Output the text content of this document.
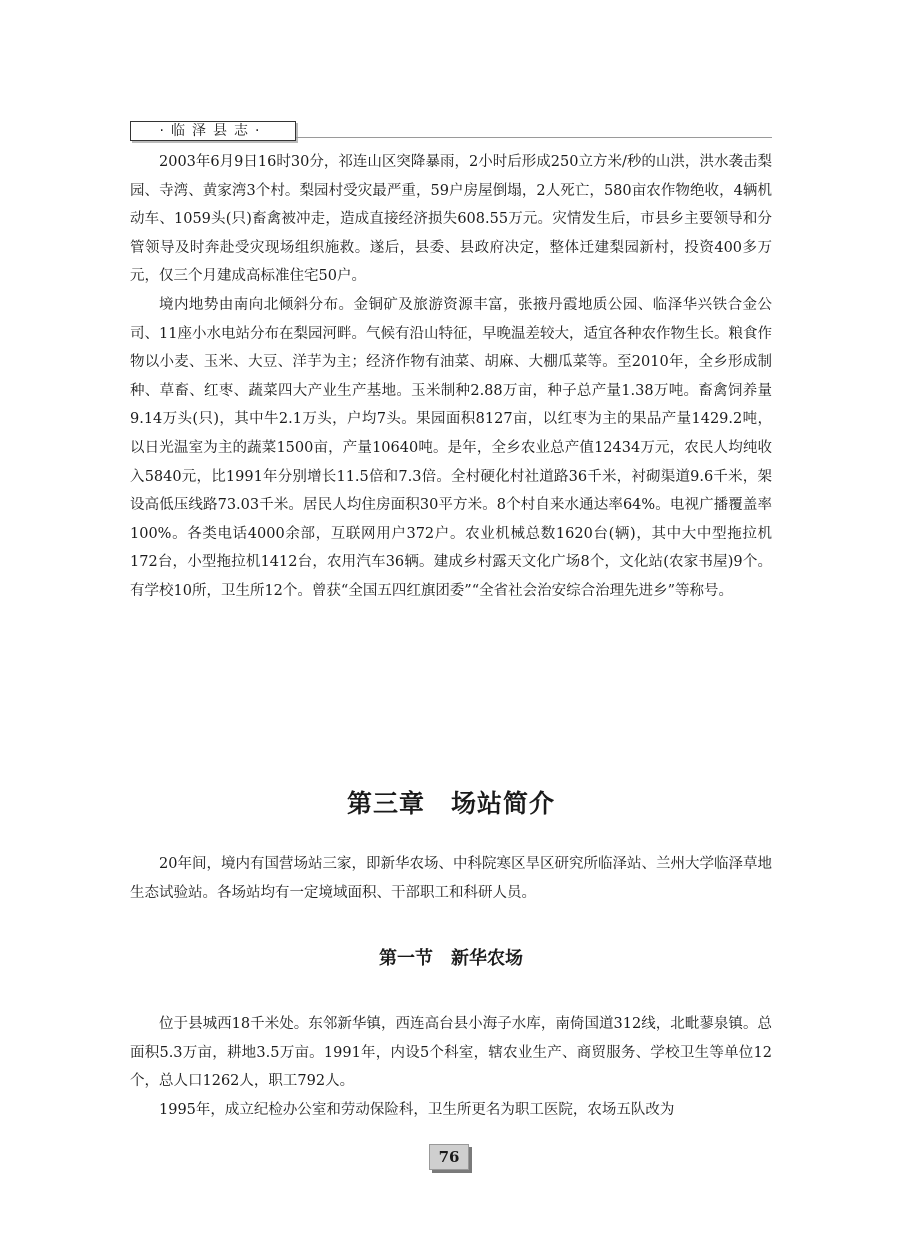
·临泽县志·

2003年6月9日16时30分，祁连山区突降暴雨，2小时后形成250立方米/秒的山洪，洪水袭击梨园、寺湾、黄家湾3个村。梨园村受灾最严重，59户房屋倒塌，2人死亡，580亩农作物绝收，4辆机动车、1059头(只)畜禽被冲走，造成直接经济损失608.55万元。灾情发生后，市县乡主要领导和分管领导及时奔赴受灾现场组织施救。遂后，县委、县政府决定，整体迁建梨园新村，投资400多万元，仅三个月建成高标准住宅50户。

境内地势由南向北倾斜分布。金铜矿及旅游资源丰富，张掖丹霞地质公园、临泽华兴铁合金公司、11座小水电站分布在梨园河畔。气候有沿山特征，早晚温差较大，适宜各种农作物生长。粮食作物以小麦、玉米、大豆、洋芋为主；经济作物有油菜、胡麻、大棚瓜菜等。至2010年，全乡形成制种、草畜、红枣、蔬菜四大产业生产基地。玉米制种2.88万亩，种子总产量1.38万吨。畜禽饲养量9.14万头(只)，其中牛2.1万头，户均7头。果园面积8127亩，以红枣为主的果品产量1429.2吨，以日光温室为主的蔬菜1500亩，产量10640吨。是年，全乡农业总产值12434万元，农民人均纯收入5840元，比1991年分别增长11.5倍和7.3倍。全村硬化村社道路36千米，衬砌渠道9.6千米，架设高低压线路73.03千米。居民人均住房面积30平方米。8个村自来水通达率64%。电视广播覆盖率100%。各类电话4000余部，互联网用户372户。农业机械总数1620台(辆)，其中大中型拖拉机172台，小型拖拉机1412台，农用汽车36辆。建成乡村露天文化广场8个，文化站(农家书屋)9个。有学校10所，卫生所12个。曾获“全国五四红旗团委”“全省社会治安综合治理先进乡”等称号。

第三章　场站简介

20年间，境内有国营场站三家，即新华农场、中科院寒区旱区研究所临泽站、兰州大学临泽草地生态试验站。各场站均有一定境域面积、干部职工和科研人员。

第一节　新华农场

位于县城西18千米处。东邻新华镇，西连高台县小海子水库，南倚国道312线，北毗蓼泉镇。总面积5.3万亩，耕地3.5万亩。1991年，内设5个科室，辖农业生产、商贸服务、学校卫生等单位12个，总人口1262人，职工792人。

1995年，成立纪检办公室和劳动保险科，卫生所更名为职工医院，农场五队改为

76
